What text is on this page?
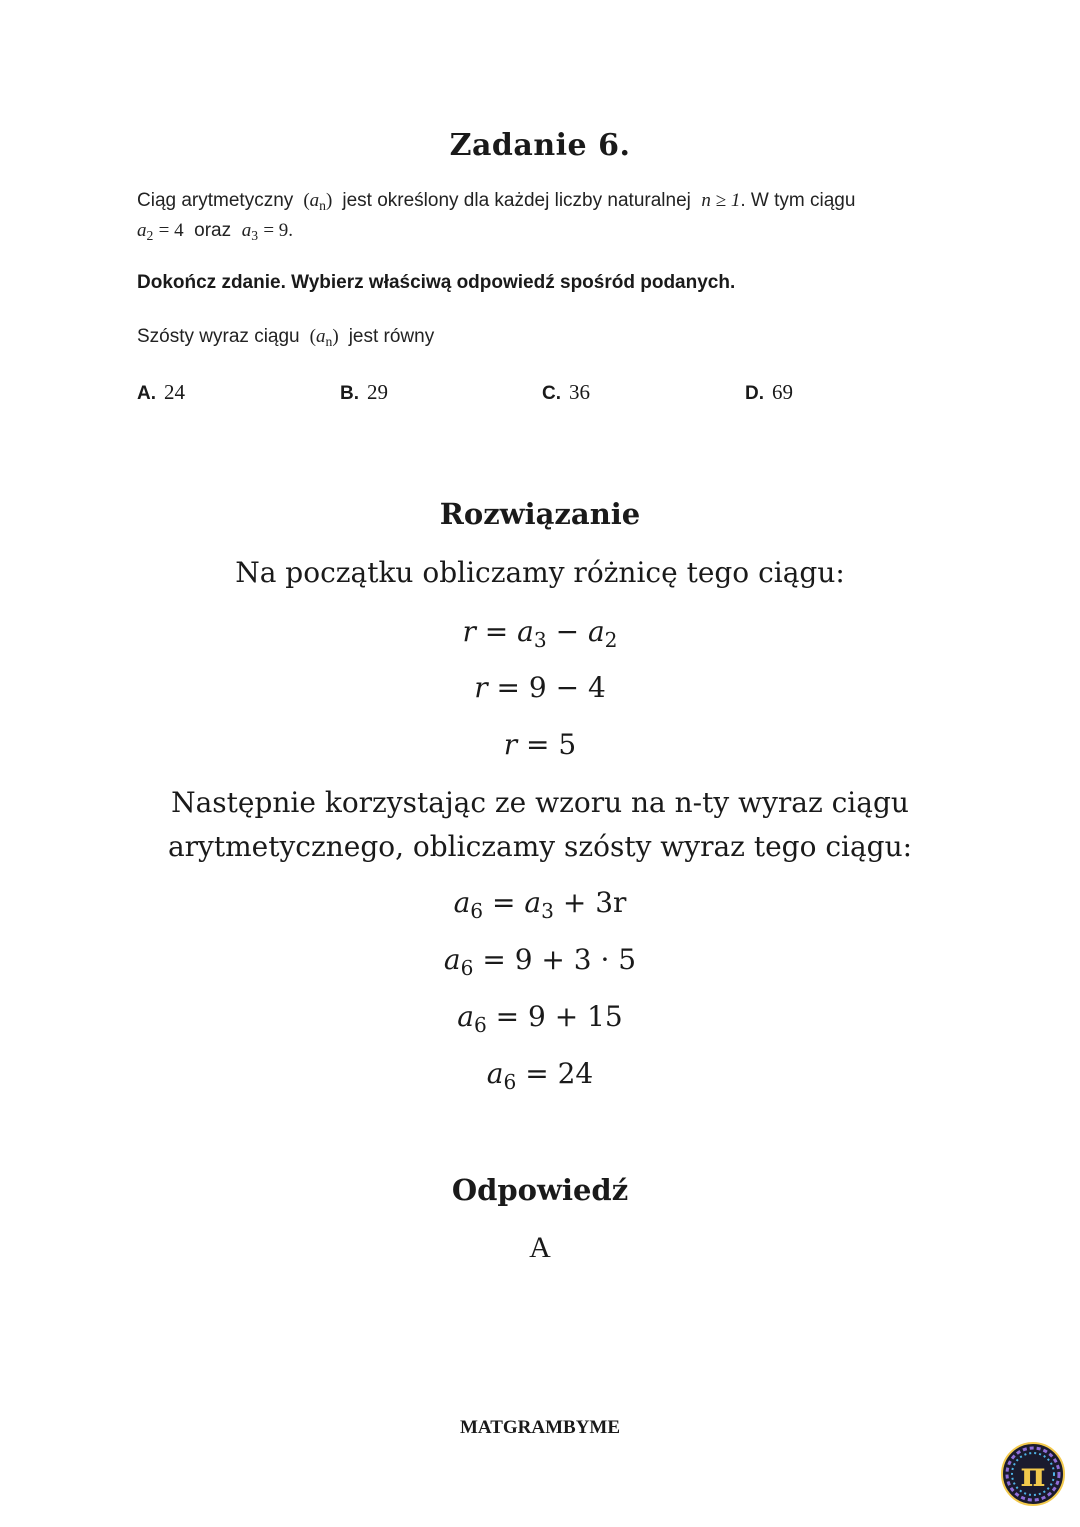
Zadanie 6.
Ciąg arytmetyczny  $(a_n)$  jest określony dla każdej liczby naturalnej n ≥ 1. W tym ciągu
$a_2 = 4$ oraz $a_3 = 9$.
Dokończ zdanie. Wybierz właściwą odpowiedź spośród podanych.
Szósty wyraz ciągu  $(a_n)$  jest równy
A. 24	B. 29	C. 36	D. 69
Rozwiązanie
Na początku obliczamy różnicę tego ciągu:
$r = a_3 - a_2$
r = 9 − 4
r = 5
Następnie korzystając ze wzoru na n-ty wyraz ciągu
arytmetycznego, obliczamy szósty wyraz tego ciągu:
$a_6 = a_3 + 3r$
$a_6 = 9 + 3 \cdot 5$
$a_6 = 9 + 15$
$a_6 = 24$
Odpowiedź
A
MATGRAMBYME
π
